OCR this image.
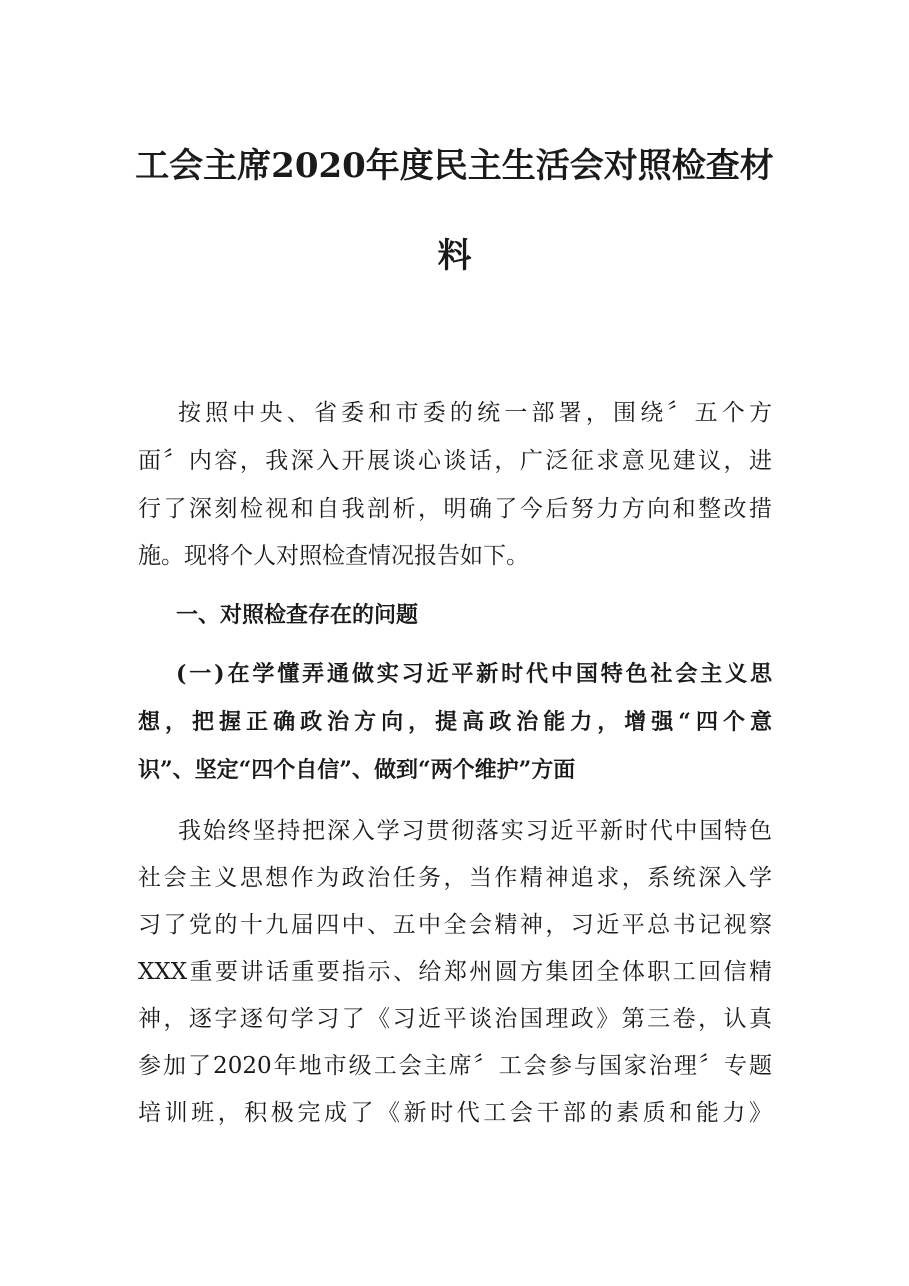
工会主席2020年度民主生活会对照检查材
料
按照中央、省委和市委的统一部署，围绕〞五个方
面〞内容，我深入开展谈心谈话，广泛征求意见建议，进
行了深刻检视和自我剖析，明确了今后努力方向和整改措
施。现将个人对照检查情况报告如下。
一、对照检查存在的问题
(一)在学懂弄通做实习近平新时代中国特色社会主义思
想，把握正确政治方向，提高政治能力，增强“四个意
识”、坚定“四个自信”、做到“两个维护”方面
我始终坚持把深入学习贯彻落实习近平新时代中国特色
社会主义思想作为政治任务，当作精神追求，系统深入学
习了党的十九届四中、五中全会精神，习近平总书记视察
XXX重要讲话重要指示、给郑州圆方集团全体职工回信精
神，逐字逐句学习了《习近平谈治国理政》第三卷，认真
参加了2020年地市级工会主席〞工会参与国家治理〞专题
培训班，积极完成了《新时代工会干部的素质和能力》
